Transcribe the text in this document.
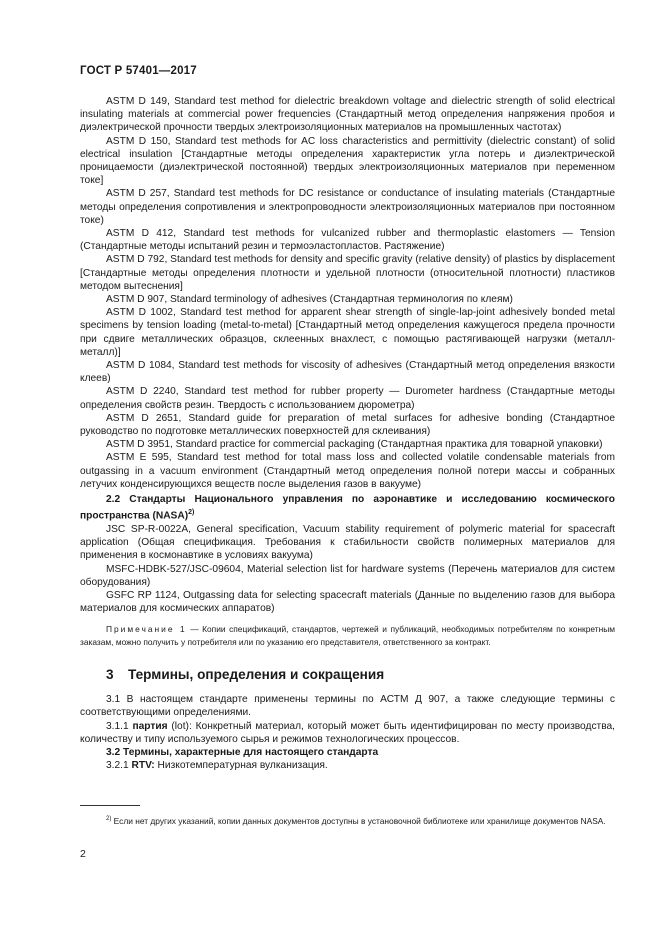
ГОСТ Р 57401—2017

ASTM D 149, Standard test method for dielectric breakdown voltage and dielectric strength of solid electrical insulating materials at commercial power frequencies (Стандартный метод определения напряжения пробоя и диэлектрической прочности твердых электроизоляционных материалов на промышленных частотах)

ASTM D 150, Standard test methods for AC loss characteristics and permittivity (dielectric constant) of solid electrical insulation [Стандартные методы определения характеристик угла потерь и диэлектрической проницаемости (диэлектрической постоянной) твердых электроизоляционных материалов при переменном токе]

ASTM D 257, Standard test methods for DC resistance or conductance of insulating materials (Стандартные методы определения сопротивления и электропроводности электроизоляционных материалов при постоянном токе)

ASTM D 412, Standard test methods for vulcanized rubber and thermoplastic elastomers — Tension (Стандартные методы испытаний резин и термоэластопластов. Растяжение)

ASTM D 792, Standard test methods for density and specific gravity (relative density) of plastics by displacement [Стандартные методы определения плотности и удельной плотности (относительной плотности) пластиков методом вытеснения]

ASTM D 907, Standard terminology of adhesives (Стандартная терминология по клеям)

ASTM D 1002, Standard test method for apparent shear strength of single-lap-joint adhesively bonded metal specimens by tension loading (metal-to-metal) [Стандартный метод определения кажущегося предела прочности при сдвиге металлических образцов, склеенных внахлест, с помощью растягивающей нагрузки (металл-металл)]

ASTM D 1084, Standard test methods for viscosity of adhesives (Стандартный метод определения вязкости клеев)

ASTM D 2240, Standard test method for rubber property — Durometer hardness (Стандартные методы определения свойств резин. Твердость с использованием дюрометра)

ASTM D 2651, Standard guide for preparation of metal surfaces for adhesive bonding (Стандартное руководство по подготовке металлических поверхностей для склеивания)

ASTM D 3951, Standard practice for commercial packaging (Стандартная практика для товарной упаковки)

ASTM E 595, Standard test method for total mass loss and collected volatile condensable materials from outgassing in a vacuum environment (Стандартный метод определения полной потери массы и собранных летучих конденсирующихся веществ после выделения газов в вакууме)

2.2 Стандарты Национального управления по аэронавтике и исследованию космического пространства (NASA)$^{2)}$

JSC SP-R-0022A, General specification, Vacuum stability requirement of polymeric material for spacecraft application (Общая спецификация. Требования к стабильности свойств полимерных материалов для применения в космонавтике в условиях вакуума)

MSFC-HDBK-527/JSC-09604, Material selection list for hardware systems (Перечень материалов для систем оборудования)

GSFC RP 1124, Outgassing data for selecting spacecraft materials (Данные по выделению газов для выбора материалов для космических аппаратов)

Примечание 1 — Копии спецификаций, стандартов, чертежей и публикаций, необходимых потребителям по конкретным заказам, можно получить у потребителя или по указанию его представителя, ответственного за контракт.

3 Термины, определения и сокращения

3.1 В настоящем стандарте применены термины по АСТМ Д 907, а также следующие термины с соответствующими определениями.

3.1.1 партия (lot): Конкретный материал, который может быть идентифицирован по месту производства, количеству и типу используемого сырья и режимов технологических процессов.

3.2 Термины, характерные для настоящего стандарта

3.2.1 RTV: Низкотемпературная вулканизация.

$^{2)}$ Если нет других указаний, копии данных документов доступны в установочной библиотеке или хранилище документов NASA.
2
